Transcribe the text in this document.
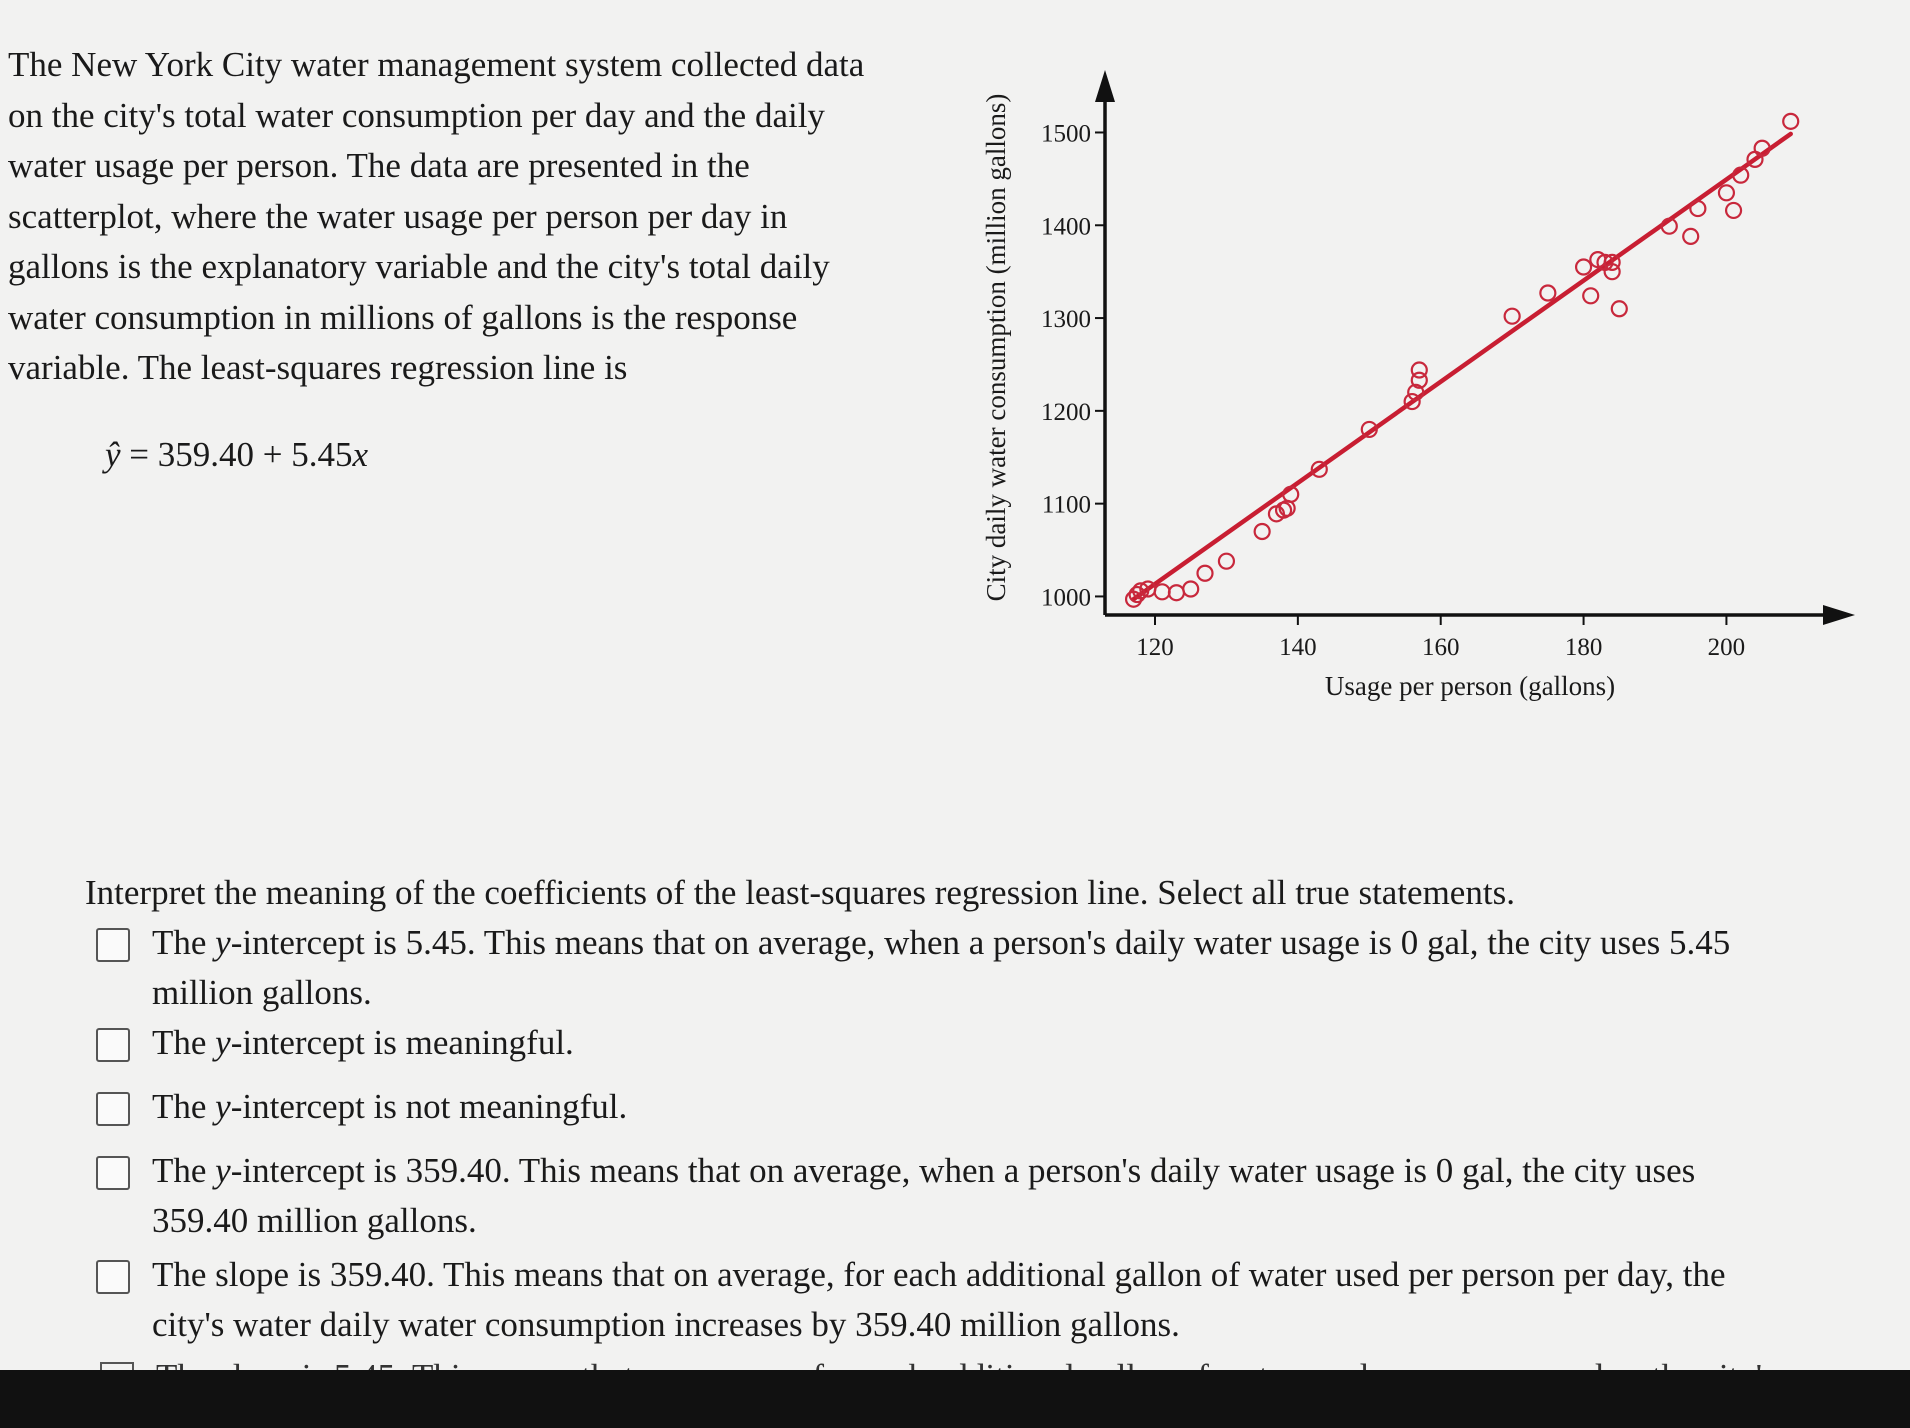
The New York City water management system collected data

on the city's total water consumption per day and the daily

water usage per person. The data are presented in the

scatterplot, where the water usage per person per day in

gallons is the explanatory variable and the city's total daily

water consumption in millions of gallons is the response

variable. The least-squares regression line is

ŷ = 359.40 + 5.45x
120	140	160	180	200
1000
1100
1200
1300
1400
1500
Usage per person (gallons)
City daily water consumption (million gallons)
Interpret the meaning of the coefficients of the least-squares regression line. Select all true statements.
The y-intercept is 5.45. This means that on average, when a person's daily water usage is 0 gal, the city uses 5.45 million gallons.
The y-intercept is meaningful.
The y-intercept is not meaningful.
The y-intercept is 359.40. This means that on average, when a person's daily water usage is 0 gal, the city uses 359.40 million gallons.
The slope is 359.40. This means that on average, for each additional gallon of water used per person per day, the city's water daily water consumption increases by 359.40 million gallons.
